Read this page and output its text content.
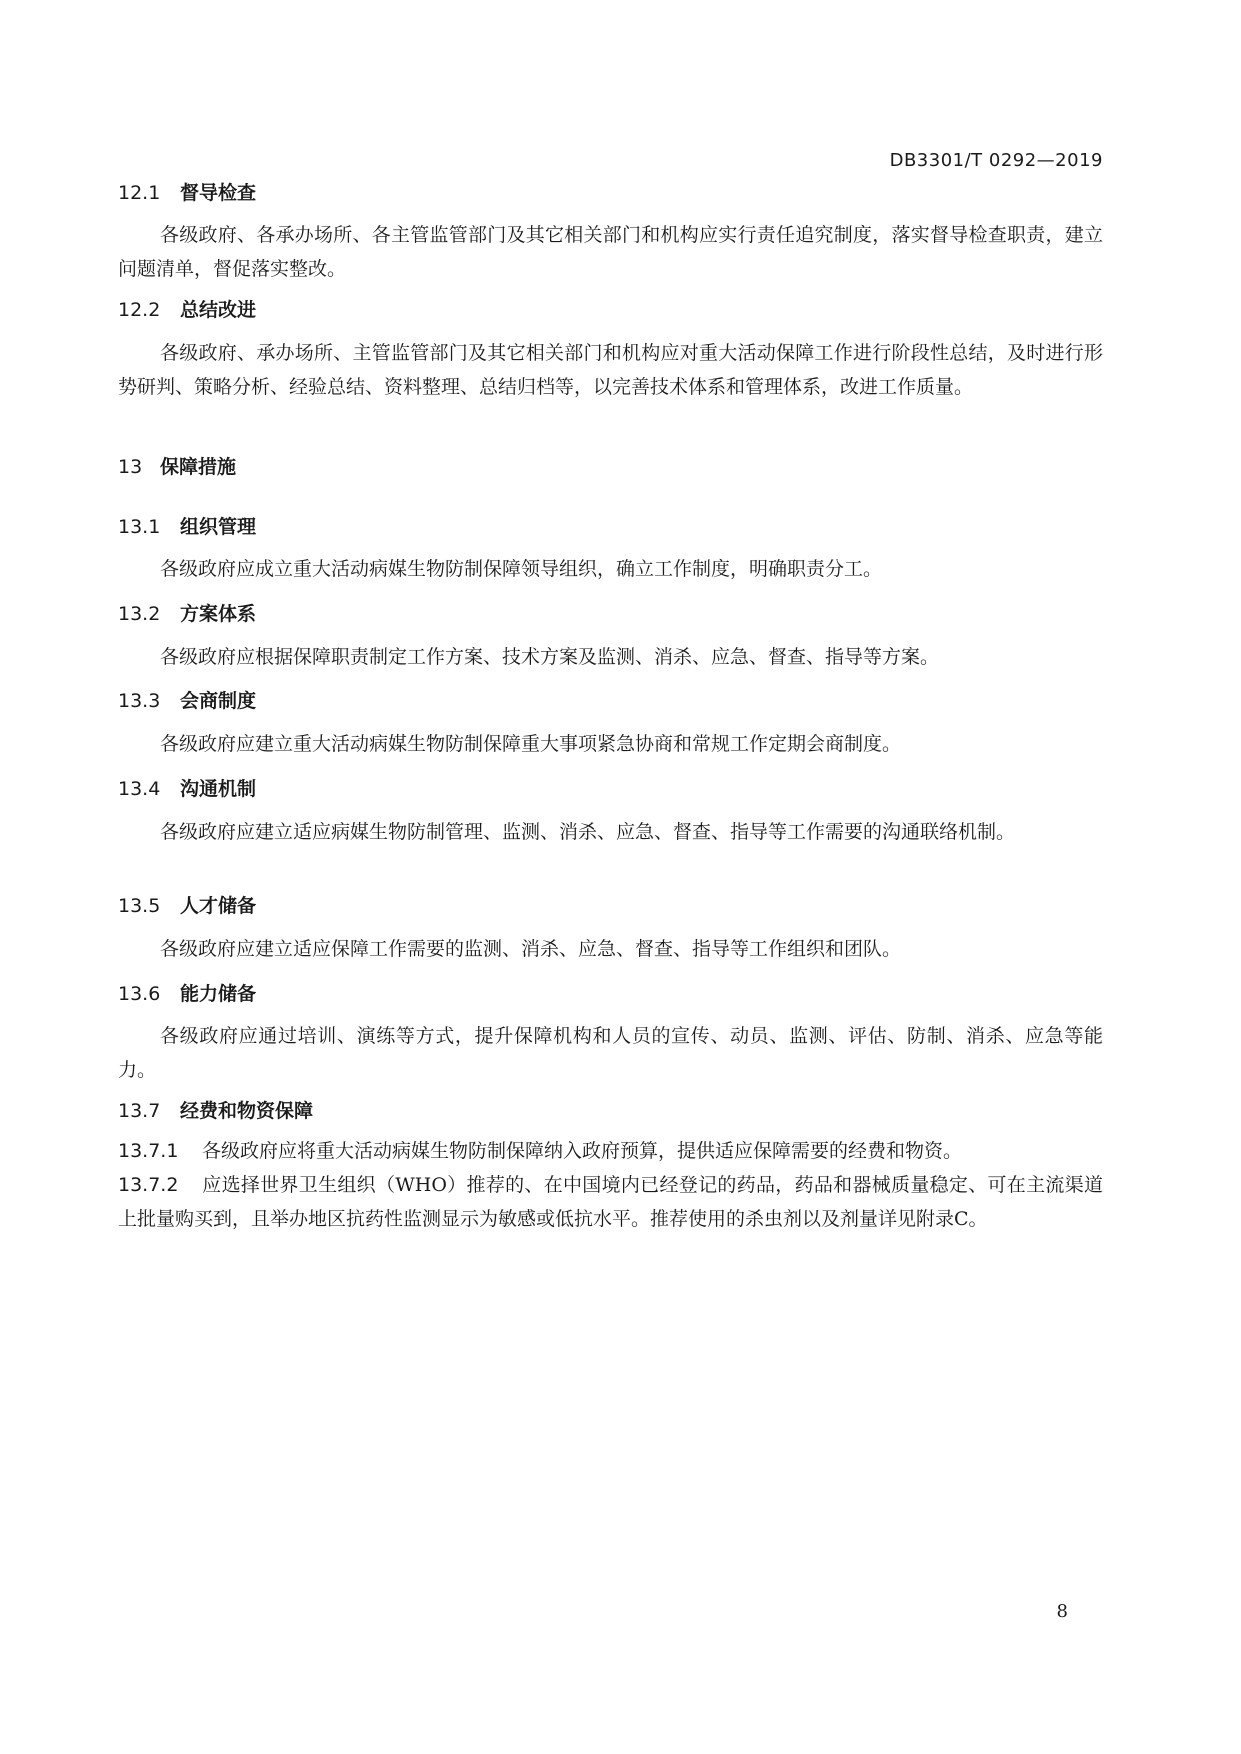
DB3301/T 0292—2019
12.1 督导检查
各级政府、各承办场所、各主管监管部门及其它相关部门和机构应实行责任追究制度，落实督导检查职责，建立问题清单，督促落实整改。
12.2 总结改进
各级政府、承办场所、主管监管部门及其它相关部门和机构应对重大活动保障工作进行阶段性总结，及时进行形势研判、策略分析、经验总结、资料整理、总结归档等，以完善技术体系和管理体系，改进工作质量。
13 保障措施
13.1 组织管理
各级政府应成立重大活动病媒生物防制保障领导组织，确立工作制度，明确职责分工。
13.2 方案体系
各级政府应根据保障职责制定工作方案、技术方案及监测、消杀、应急、督查、指导等方案。
13.3 会商制度
各级政府应建立重大活动病媒生物防制保障重大事项紧急协商和常规工作定期会商制度。
13.4 沟通机制
各级政府应建立适应病媒生物防制管理、监测、消杀、应急、督查、指导等工作需要的沟通联络机制。
13.5 人才储备
各级政府应建立适应保障工作需要的监测、消杀、应急、督查、指导等工作组织和团队。
13.6 能力储备
各级政府应通过培训、演练等方式，提升保障机构和人员的宣传、动员、监测、评估、防制、消杀、应急等能力。
13.7 经费和物资保障
13.7.1 各级政府应将重大活动病媒生物防制保障纳入政府预算，提供适应保障需要的经费和物资。
13.7.2 应选择世界卫生组织（WHO）推荐的、在中国境内已经登记的药品，药品和器械质量稳定、可在主流渠道上批量购买到，且举办地区抗药性监测显示为敏感或低抗水平。推荐使用的杀虫剂以及剂量详见附录C。
8
